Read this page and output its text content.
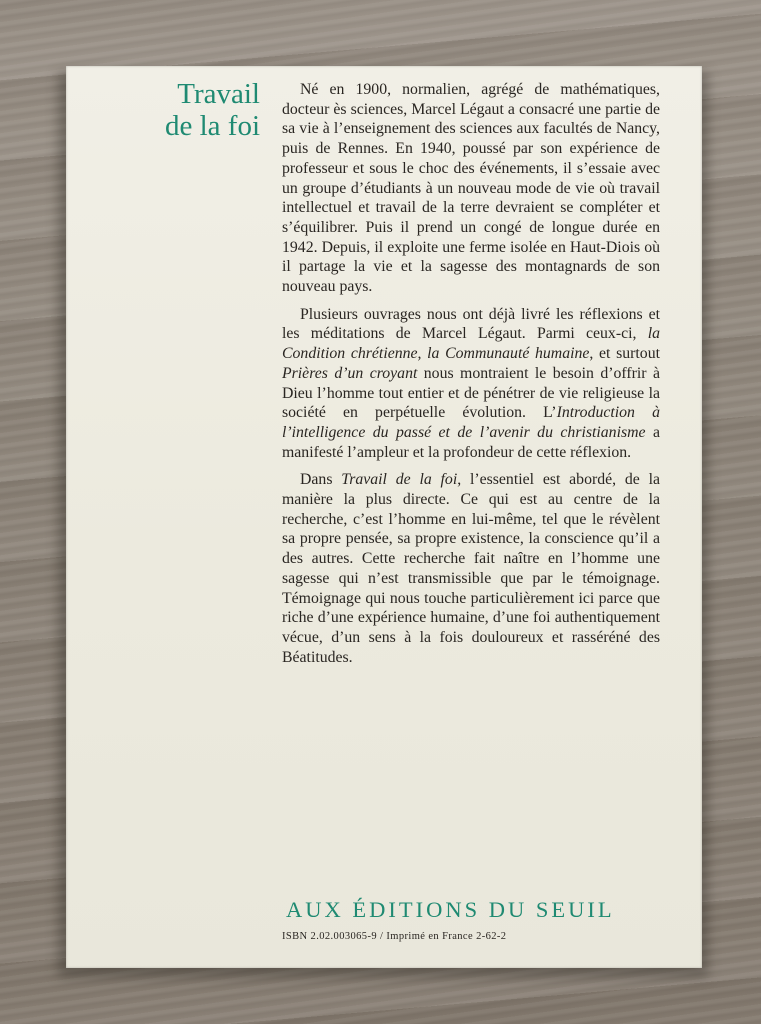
Travail
de la foi

Né en 1900, normalien, agrégé de mathématiques, docteur ès sciences, Marcel Légaut a consacré une partie de sa vie à l’enseignement des sciences aux facultés de Nancy, puis de Rennes. En 1940, poussé par son expérience de professeur et sous le choc des événements, il s’essaie avec un groupe d’étudiants à un nouveau mode de vie où travail intellectuel et travail de la terre devraient se compléter et s’équilibrer. Puis il prend un congé de longue durée en 1942. Depuis, il exploite une ferme isolée en Haut-Diois où il partage la vie et la sagesse des montagnards de son nouveau pays.

Plusieurs ouvrages nous ont déjà livré les réflexions et les méditations de Marcel Légaut. Parmi ceux-ci, la Condition chrétienne, la Communauté humaine, et surtout Prières d’un croyant nous montraient le besoin d’offrir à Dieu l’homme tout entier et de pénétrer de vie religieuse la société en perpétuelle évolution. L’Introduction à l’intelligence du passé et de l’avenir du christianisme a manifesté l’ampleur et la profondeur de cette réflexion.

Dans Travail de la foi, l’essentiel est abordé, de la manière la plus directe. Ce qui est au centre de la recherche, c’est l’homme en lui-même, tel que le révèlent sa propre pensée, sa propre existence, la conscience qu’il a des autres. Cette recherche fait naître en l’homme une sagesse qui n’est transmissible que par le témoignage. Témoignage qui nous touche particulièrement ici parce que riche d’une expérience humaine, d’une foi authentiquement vécue, d’un sens à la fois douloureux et rasséréné des Béatitudes.

AUX ÉDITIONS DU SEUIL
ISBN 2.02.003065-9 / Imprimé en France 2-62-2
